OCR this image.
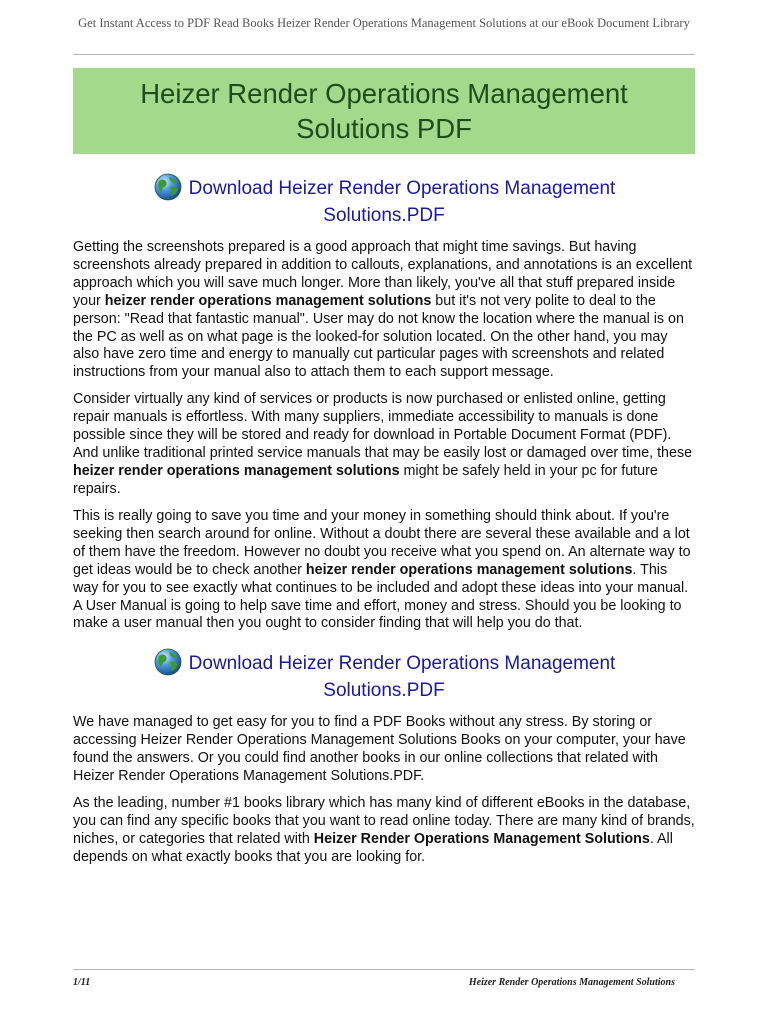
Get Instant Access to PDF Read Books Heizer Render Operations Management Solutions at our eBook Document Library
Heizer Render Operations Management Solutions PDF
Download Heizer Render Operations Management Solutions.PDF

Getting the screenshots prepared is a good approach that might time savings. But having screenshots already prepared in addition to callouts, explanations, and annotations is an excellent approach which you will save much longer. More than likely, you've all that stuff prepared inside your heizer render operations management solutions but it's not very polite to deal to the person: "Read that fantastic manual". User may do not know the location where the manual is on the PC as well as on what page is the looked-for solution located. On the other hand, you may also have zero time and energy to manually cut particular pages with screenshots and related instructions from your manual also to attach them to each support message.

Consider virtually any kind of services or products is now purchased or enlisted online, getting repair manuals is effortless. With many suppliers, immediate accessibility to manuals is done possible since they will be stored and ready for download in Portable Document Format (PDF). And unlike traditional printed service manuals that may be easily lost or damaged over time, these heizer render operations management solutions might be safely held in your pc for future repairs.

This is really going to save you time and your money in something should think about. If you're seeking then search around for online. Without a doubt there are several these available and a lot of them have the freedom. However no doubt you receive what you spend on. An alternate way to get ideas would be to check another heizer render operations management solutions. This way for you to see exactly what continues to be included and adopt these ideas into your manual. A User Manual is going to help save time and effort, money and stress. Should you be looking to make a user manual then you ought to consider finding that will help you do that.

Download Heizer Render Operations Management Solutions.PDF

We have managed to get easy for you to find a PDF Books without any stress. By storing or accessing Heizer Render Operations Management Solutions Books on your computer, your have found the answers. Or you could find another books in our online collections that related with Heizer Render Operations Management Solutions.PDF.

As the leading, number #1 books library which has many kind of different eBooks in the database, you can find any specific books that you want to read online today. There are many kind of brands, niches, or categories that related with Heizer Render Operations Management Solutions. All depends on what exactly books that you are looking for.

1/11	Heizer Render Operations Management Solutions
